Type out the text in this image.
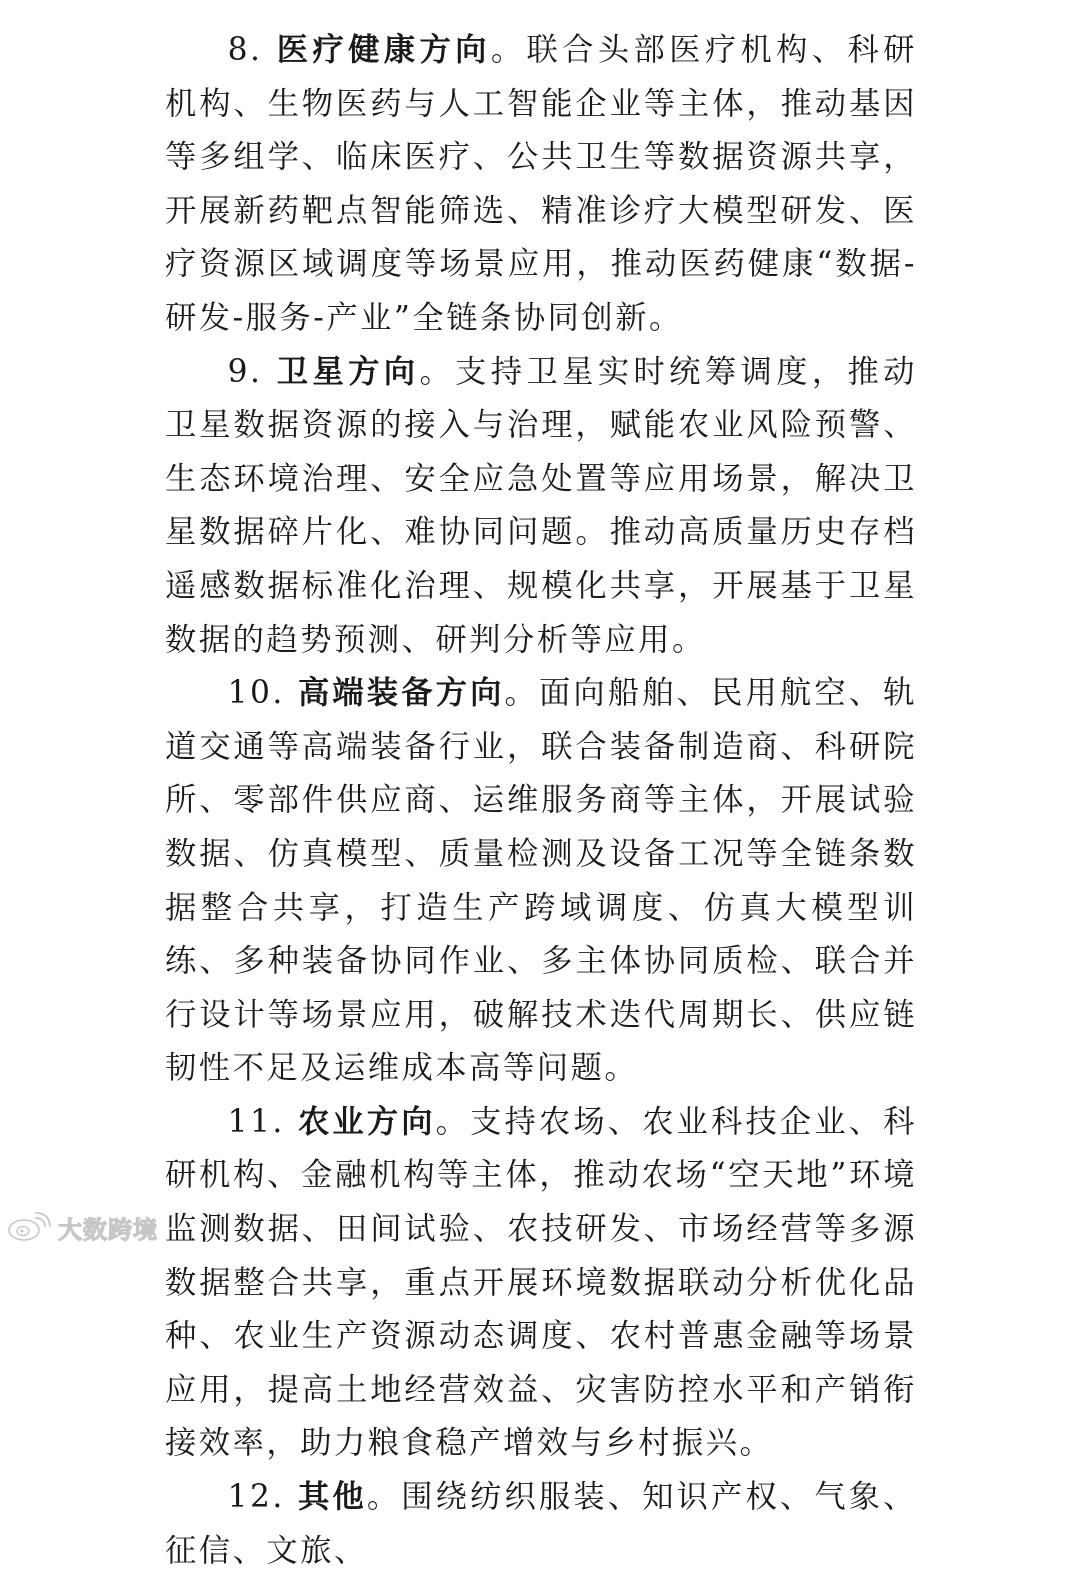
8. 医疗健康方向。联合头部医疗机构、科研机构、生物医药与人工智能企业等主体，推动基因等多组学、临床医疗、公共卫生等数据资源共享，开展新药靶点智能筛选、精准诊疗大模型研发、医疗资源区域调度等场景应用，推动医药健康“数据-研发-服务-产业”全链条协同创新。

9. 卫星方向。支持卫星实时统筹调度，推动卫星数据资源的接入与治理，赋能农业风险预警、生态环境治理、安全应急处置等应用场景，解决卫星数据碎片化、难协同问题。推动高质量历史存档遥感数据标准化治理、规模化共享，开展基于卫星数据的趋势预测、研判分析等应用。

10. 高端装备方向。面向船舶、民用航空、轨道交通等高端装备行业，联合装备制造商、科研院所、零部件供应商、运维服务商等主体，开展试验数据、仿真模型、质量检测及设备工况等全链条数据整合共享，打造生产跨域调度、仿真大模型训练、多种装备协同作业、多主体协同质检、联合并行设计等场景应用，破解技术迭代周期长、供应链韧性不足及运维成本高等问题。

11. 农业方向。支持农场、农业科技企业、科研机构、金融机构等主体，推动农场“空天地”环境监测数据、田间试验、农技研发、市场经营等多源数据整合共享，重点开展环境数据联动分析优化品种、农业生产资源动态调度、农村普惠金融等场景应用，提高土地经营效益、灾害防控水平和产销衔接效率，助力粮食稳产增效与乡村振兴。

12. 其他。围绕纺织服装、知识产权、气象、征信、文旅、

大数跨境
